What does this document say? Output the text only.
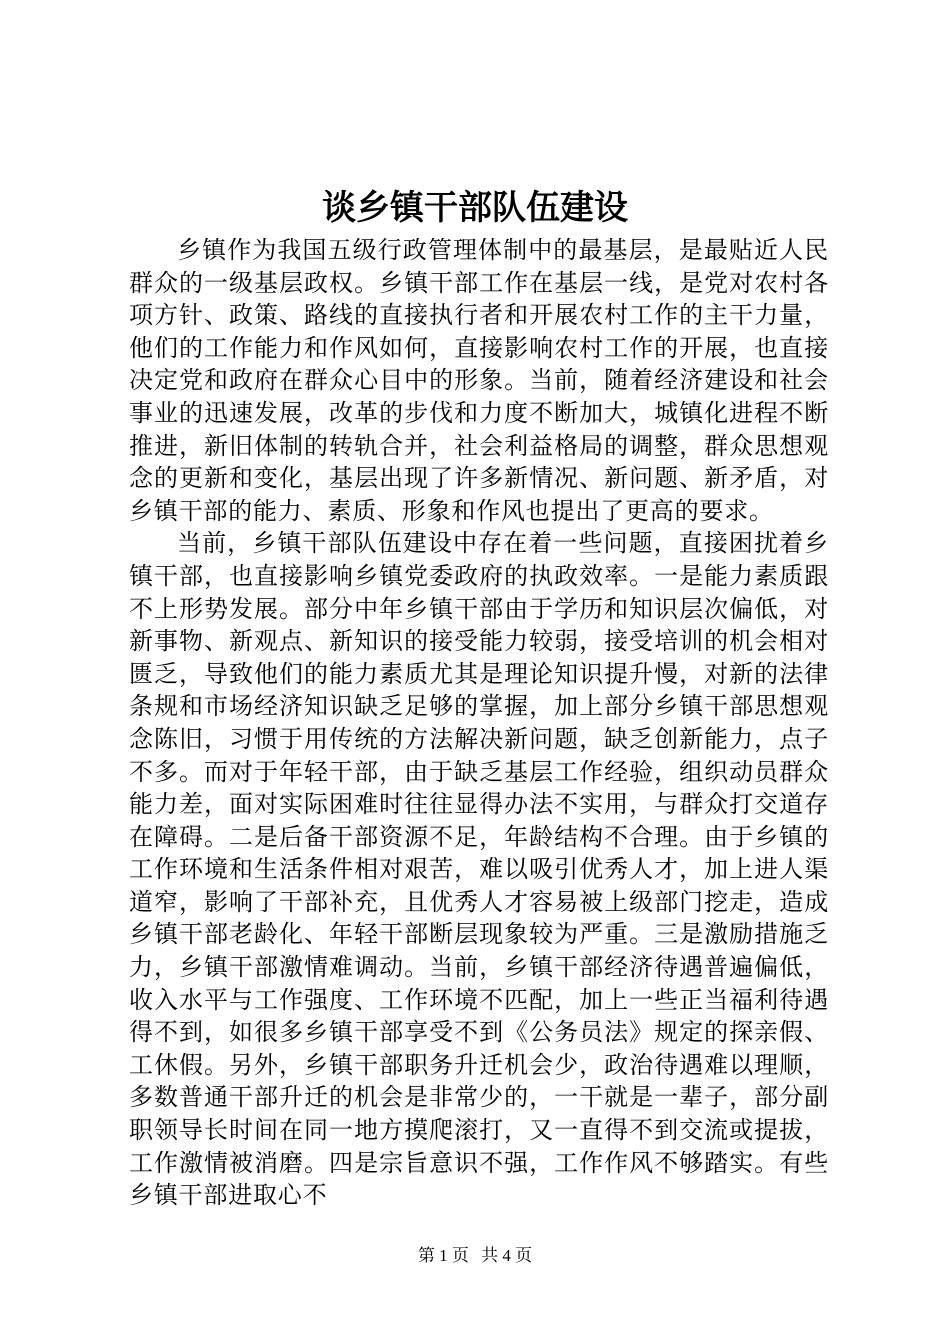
谈乡镇干部队伍建设

乡镇作为我国五级行政管理体制中的最基层，是最贴近人民群众的一级基层政权。乡镇干部工作在基层一线，是党对农村各项方针、政策、路线的直接执行者和开展农村工作的主干力量，他们的工作能力和作风如何，直接影响农村工作的开展，也直接决定党和政府在群众心目中的形象。当前，随着经济建设和社会事业的迅速发展，改革的步伐和力度不断加大，城镇化进程不断推进，新旧体制的转轨合并，社会利益格局的调整，群众思想观念的更新和变化，基层出现了许多新情况、新问题、新矛盾，对乡镇干部的能力、素质、形象和作风也提出了更高的要求。

当前，乡镇干部队伍建设中存在着一些问题，直接困扰着乡镇干部，也直接影响乡镇党委政府的执政效率。一是能力素质跟不上形势发展。部分中年乡镇干部由于学历和知识层次偏低，对新事物、新观点、新知识的接受能力较弱，接受培训的机会相对匮乏，导致他们的能力素质尤其是理论知识提升慢，对新的法律条规和市场经济知识缺乏足够的掌握，加上部分乡镇干部思想观念陈旧，习惯于用传统的方法解决新问题，缺乏创新能力，点子不多。而对于年轻干部，由于缺乏基层工作经验，组织动员群众能力差，面对实际困难时往往显得办法不实用，与群众打交道存在障碍。二是后备干部资源不足，年龄结构不合理。由于乡镇的工作环境和生活条件相对艰苦，难以吸引优秀人才，加上进人渠道窄，影响了干部补充，且优秀人才容易被上级部门挖走，造成乡镇干部老龄化、年轻干部断层现象较为严重。三是激励措施乏力，乡镇干部激情难调动。当前，乡镇干部经济待遇普遍偏低，收入水平与工作强度、工作环境不匹配，加上一些正当福利待遇得不到，如很多乡镇干部享受不到《公务员法》规定的探亲假、工休假。另外，乡镇干部职务升迁机会少，政治待遇难以理顺，多数普通干部升迁的机会是非常少的，一干就是一辈子，部分副职领导长时间在同一地方摸爬滚打，又一直得不到交流或提拔，工作激情被消磨。四是宗旨意识不强，工作作风不够踏实。有些乡镇干部进取心不

第 1 页 共 4 页
